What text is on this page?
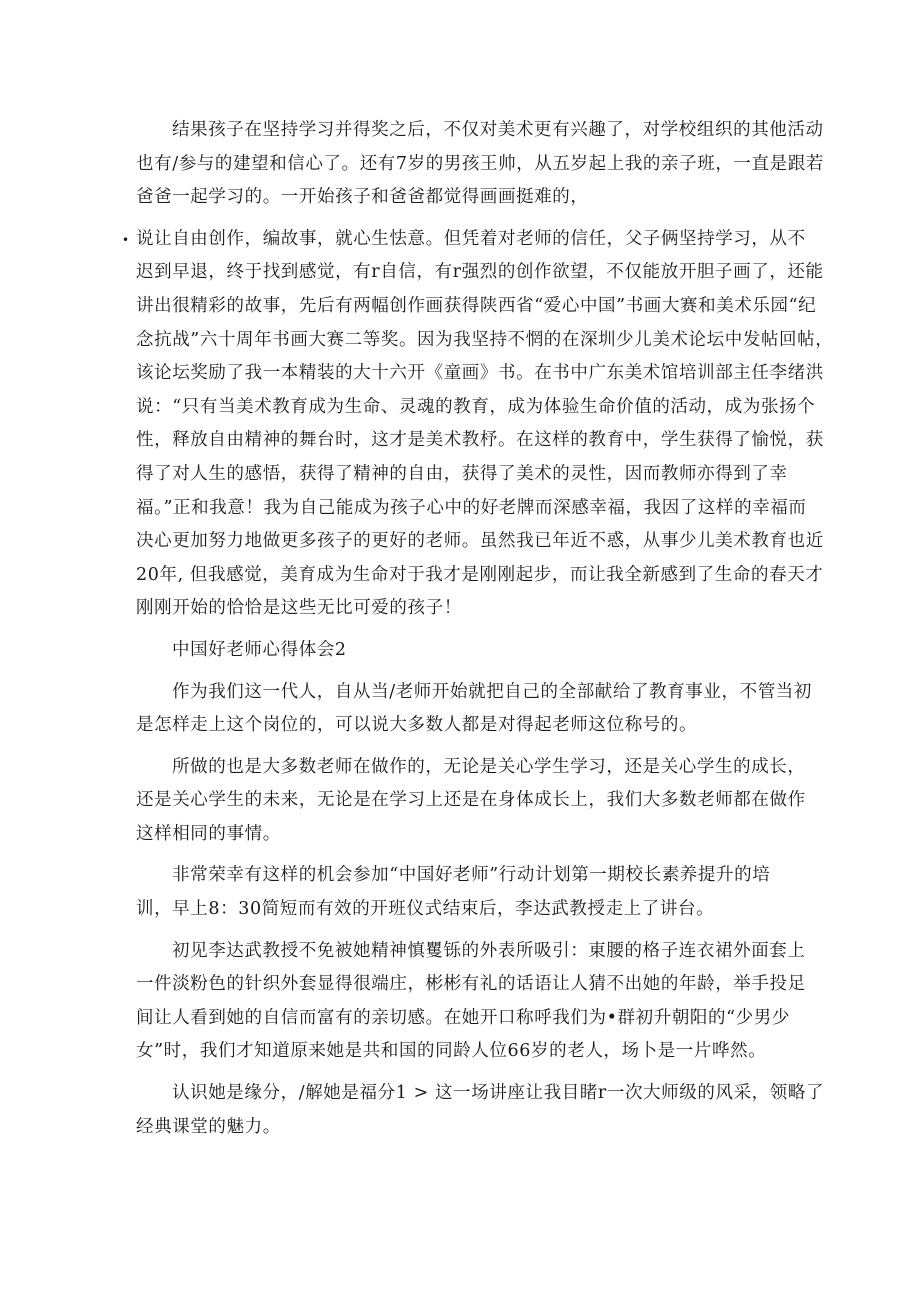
结果孩子在坚持学习并得奖之后，不仅对美术更有兴趣了，对学校组织的其他活动
也有/参与的建望和信心了。还有7岁的男孩王帅，从五岁起上我的亲子班，一直是跟若
爸爸一起学习的。一开始孩子和爸爸都觉得画画挺难的，
• 说让自由创作，编故事，就心生怯意。但凭着对老师的信任，父子俩坚持学习，从不
迟到早退，终于找到感觉，有r自信，有r强烈的创作欲望，不仅能放开胆子画了，还能
讲出很精彩的故事，先后有两幅创作画获得陕西省“爱心中国”书画大赛和美术乐园“纪
念抗战”六十周年书画大赛二等奖。因为我坚持不惘的在深圳少儿美术论坛中发帖回帖，
该论坛奖励了我一本精装的大十六开《童画》书。在书中广东美术馆培训部主任李绪洪
说：“只有当美术教育成为生命、灵魂的教育，成为体验生命价值的活动，成为张扬个
性，释放自由精神的舞台时，这才是美术教杼。在这样的教育中，学生获得了愉悦，获
得了对人生的感悟，获得了精神的自由，获得了美术的灵性，因而教师亦得到了幸
福。”正和我意！我为自己能成为孩子心中的好老牌而深感幸福，我因了这样的幸福而
决心更加努力地做更多孩子的更好的老师。虽然我已年近不惑，从事少儿美术教育也近
20年, 但我感觉，美育成为生命对于我才是刚刚起步，而让我全新感到了生命的春天才
刚刚开始的恰恰是这些无比可爱的孩子！
中国好老师心得体会2
作为我们这一代人，自从当/老师开始就把自己的全部献给了教育事业，不管当初
是怎样走上这个岗位的，可以说大多数人都是对得起老师这位称号的。
所做的也是大多数老师在做作的，无论是关心学生学习，还是关心学生的成长，
还是关心学生的未来，无论是在学习上还是在身体成长上，我们大多数老师都在做作
这样相同的事情。
非常荣幸有这样的机会参加“中国好老师”行动计划第一期校长素养提升的培
训，早上8：30简短而有效的开班仪式结束后，李达武教授走上了讲台。
初见李达武教授不免被她精神慎矍铄的外表所吸引：東腰的格子连衣裙外面套上
一件淡粉色的针织外套显得很端庄，彬彬有礼的话语让人猜不出她的年龄，举手投足
间让人看到她的自信而富有的亲切感。在她开口称呼我们为•群初升朝阳的“少男少
女”时，我们才知道原来她是共和国的同龄人位66岁的老人，场卜是一片哗然。
认识她是缘分，/解她是福分1 > 这一场讲座让我目睹r一次大师级的风采，领略了
经典课堂的魅力。
